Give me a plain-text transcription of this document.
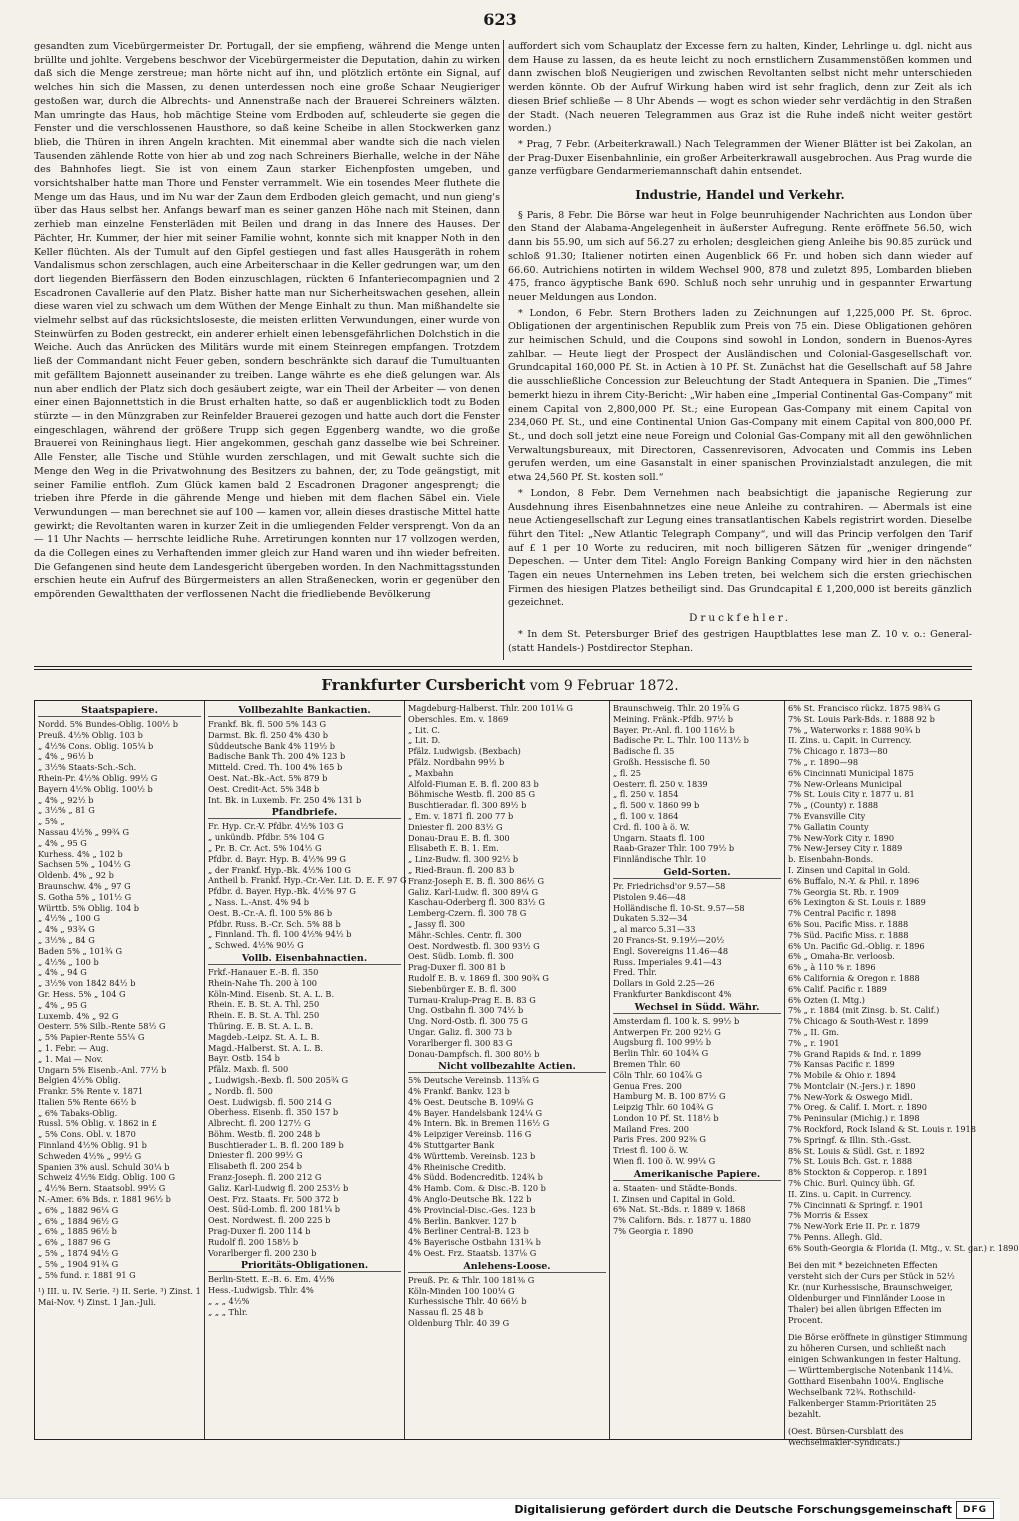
623

gesandten zum Vicebürgermeister Dr. Portugall, der sie empfieng, während die Menge unten brüllte und johlte. Vergebens beschwor der Vicebürgermeister die Deputation, dahin zu wirken daß sich die Menge zerstreue; man hörte nicht auf ihn, und plötzlich ertönte ein Signal, auf welches hin sich die Massen, zu denen unterdessen noch eine große Schaar Neugieriger gestoßen war, durch die Albrechts- und Annenstraße nach der Brauerei Schreiners wälzten. Man umringte das Haus, hob mächtige Steine vom Erdboden auf, schleuderte sie gegen die Fenster und die verschlossenen Hausthore, so daß keine Scheibe in allen Stockwerken ganz blieb, die Thüren in ihren Angeln krachten. Mit einemmal aber wandte sich die nach vielen Tausenden zählende Rotte von hier ab und zog nach Schreiners Bierhalle, welche in der Nähe des Bahnhofes liegt. Sie ist von einem Zaun starker Eichenpfosten umgeben, und vorsichtshalber hatte man Thore und Fenster verrammelt. Wie ein tosendes Meer fluthete die Menge um das Haus, und im Nu war der Zaun dem Erdboden gleich gemacht, und nun gieng's über das Haus selbst her. Anfangs bewarf man es seiner ganzen Höhe nach mit Steinen, dann zerhieb man einzelne Fensterläden mit Beilen und drang in das Innere des Hauses. Der Pächter, Hr. Kummer, der hier mit seiner Familie wohnt, konnte sich mit knapper Noth in den Keller flüchten. Als der Tumult auf den Gipfel gestiegen und fast alles Hausgeräth in rohem Vandalismus schon zerschlagen, auch eine Arbeiterschaar in die Keller gedrungen war, um den dort liegenden Bierfässern den Boden einzuschlagen, rückten 6 Infanteriecompagnien und 2 Escadronen Cavallerie auf den Platz. Bisher hatte man nur Sicherheitswachen gesehen, allein diese waren viel zu schwach um dem Wüthen der Menge Einhalt zu thun. Man mißhandelte sie vielmehr selbst auf das rücksichtsloseste, die meisten erlitten Verwundungen, einer wurde von Steinwürfen zu Boden gestreckt, ein anderer erhielt einen lebensgefährlichen Dolchstich in die Weiche. Auch das Anrücken des Militärs wurde mit einem Steinregen empfangen. Trotzdem ließ der Commandant nicht Feuer geben, sondern beschränkte sich darauf die Tumultuanten mit gefälltem Bajonnett auseinander zu treiben. Lange währte es ehe dieß gelungen war. Als nun aber endlich der Platz sich doch gesäubert zeigte, war ein Theil der Arbeiter — von denen einer einen Bajonnettstich in die Brust erhalten hatte, so daß er augenblicklich todt zu Boden stürzte — in den Münzgraben zur Reinfelder Brauerei gezogen und hatte auch dort die Fenster eingeschlagen, während der größere Trupp sich gegen Eggenberg wandte, wo die große Brauerei von Reininghaus liegt. Hier angekommen, geschah ganz dasselbe wie bei Schreiner. Alle Fenster, alle Tische und Stühle wurden zerschlagen, und mit Gewalt suchte sich die Menge den Weg in die Privatwohnung des Besitzers zu bahnen, der, zu Tode geängstigt, mit seiner Familie entfloh. Zum Glück kamen bald 2 Escadronen Dragoner angesprengt; die trieben ihre Pferde in die gährende Menge und hieben mit dem flachen Säbel ein. Viele Verwundungen — man berechnet sie auf 100 — kamen vor, allein dieses drastische Mittel hatte gewirkt; die Revoltanten waren in kurzer Zeit in die umliegenden Felder versprengt. Von da an — 11 Uhr Nachts — herrschte leidliche Ruhe. Arretirungen konnten nur 17 vollzogen werden, da die Collegen eines zu Verhaftenden immer gleich zur Hand waren und ihn wieder befreiten. Die Gefangenen sind heute dem Landesgericht übergeben worden. In den Nachmittagsstunden erschien heute ein Aufruf des Bürgermeisters an allen Straßenecken, worin er gegenüber den empörenden Gewaltthaten der verflossenen Nacht die friedliebende Bevölkerung

auffordert sich vom Schauplatz der Excesse fern zu halten, Kinder, Lehrlinge u. dgl. nicht aus dem Hause zu lassen, da es heute leicht zu noch ernstlichern Zusammenstößen kommen und dann zwischen bloß Neugierigen und zwischen Revoltanten selbst nicht mehr unterschieden werden könnte. Ob der Aufruf Wirkung haben wird ist sehr fraglich, denn zur Zeit als ich diesen Brief schließe — 8 Uhr Abends — wogt es schon wieder sehr verdächtig in den Straßen der Stadt. (Nach neueren Telegrammen aus Graz ist die Ruhe indeß nicht weiter gestört worden.)

* Prag, 7 Febr. (Arbeiterkrawall.) Nach Telegrammen der Wiener Blätter ist bei Zakolan, an der Prag-Duxer Eisenbahnlinie, ein großer Arbeiterkrawall ausgebrochen. Aus Prag wurde die ganze verfügbare Gendarmeriemannschaft dahin entsendet.

Industrie, Handel und Verkehr.

§ Paris, 8 Febr. Die Börse war heut in Folge beunruhigender Nachrichten aus London über den Stand der Alabama-Angelegenheit in äußerster Aufregung. Rente eröffnete 56.50, wich dann bis 55.90, um sich auf 56.27 zu erholen; desgleichen gieng Anleihe bis 90.85 zurück und schloß 91.30; Italiener notirten einen Augenblick 66 Fr. und hoben sich dann wieder auf 66.60. Autrichiens notirten in wildem Wechsel 900, 878 und zuletzt 895, Lombarden blieben 475, franco ägyptische Bank 690. Schluß noch sehr unruhig und in gespannter Erwartung neuer Meldungen aus London.

* London, 6 Febr. Stern Brothers laden zu Zeichnungen auf 1,225,000 Pf. St. 6proc. Obligationen der argentinischen Republik zum Preis von 75 ein. Diese Obligationen gehören zur heimischen Schuld, und die Coupons sind sowohl in London, sondern in Buenos-Ayres zahlbar. — Heute liegt der Prospect der Ausländischen und Colonial-Gasgesellschaft vor. Grundcapital 160,000 Pf. St. in Actien à 10 Pf. St. Zunächst hat die Gesellschaft auf 58 Jahre die ausschließliche Concession zur Beleuchtung der Stadt Antequera in Spanien. Die „Times“ bemerkt hiezu in ihrem City-Bericht: „Wir haben eine „Imperial Continental Gas-Company“ mit einem Capital von 2,800,000 Pf. St.; eine European Gas-Company mit einem Capital von 234,060 Pf. St., und eine Continental Union Gas-Company mit einem Capital von 800,000 Pf. St., und doch soll jetzt eine neue Foreign und Colonial Gas-Company mit all den gewöhnlichen Verwaltungsbureaux, mit Directoren, Cassenrevisoren, Advocaten und Commis ins Leben gerufen werden, um eine Gasanstalt in einer spanischen Provinzialstadt anzulegen, die mit etwa 24,560 Pf. St. kosten soll.“

* London, 8 Febr. Dem Vernehmen nach beabsichtigt die japanische Regierung zur Ausdehnung ihres Eisenbahnnetzes eine neue Anleihe zu contrahiren. — Abermals ist eine neue Actiengesellschaft zur Legung eines transatlantischen Kabels registrirt worden. Dieselbe führt den Titel: „New Atlantic Telegraph Company“, und will das Princip verfolgen den Tarif auf £ 1 per 10 Worte zu reduciren, mit noch billigeren Sätzen für „weniger dringende“ Depeschen. — Unter dem Titel: Anglo Foreign Banking Company wird hier in den nächsten Tagen ein neues Unternehmen ins Leben treten, bei welchem sich die ersten griechischen Firmen des hiesigen Platzes betheiligt sind. Das Grundcapital £ 1,200,000 ist bereits gänzlich gezeichnet.

Druckfehler.

* In dem St. Petersburger Brief des gestrigen Hauptblattes lese man Z. 10 v. o.: General-(statt Handels-) Postdirector Stephan.

Frankfurter Cursbericht vom 9 Februar 1872.
Staatspapiere.
Nordd. 5% Bundes-Oblig. 100½ b
Preuß. 4½% Oblig. 103 b
„ 4½% Cons. Oblig. 105¼ b
„ 4% „ 96½ b
„ 3½% Staats-Sch.-Sch.
Rhein-Pr. 4½% Oblig. 99½ G
Bayern 4½% Oblig. 100½ b
„ 4% „ 92½ b
„ 3½% „ 81 G
„ 5% „
Nassau 4½% „ 99¾ G
„ 4% „ 95 G
Kurhess. 4% „ 102 b
Sachsen 5% „ 104½ G
Oldenb. 4% „ 92 b
Braunschw. 4% „ 97 G
S. Gotha 5% „ 101½ G
Württb. 5% Oblig. 104 b
„ 4½% „ 100 G
„ 4% „ 93¾ G
„ 3½% „ 84 G
Baden 5% „ 101¾ G
„ 4½% „ 100 b
„ 4% „ 94 G
„ 3½% von 1842 84½ b
Gr. Hess. 5% „ 104 G
„ 4% „ 95 G
Luxemb. 4% „ 92 G
Oesterr. 5% Silb.-Rente 58½ G
„ 5% Papier-Rente 55¼ G
„ 1. Febr. — Aug.
„ 1. Mai — Nov.
Ungarn 5% Eisenb.-Anl. 77½ b
Belgien 4½% Oblig.
Frankr. 5% Rente v. 1871
Italien 5% Rente 66½ b
„ 6% Tabaks-Oblig.
Russl. 5% Oblig. v. 1862 in £
„ 5% Cons. Obl. v. 1870
Finnland 4½% Oblig. 91 b
Schweden 4½% „ 99½ G
Spanien 3% ausl. Schuld 30¼ b
Schweiz 4½% Eidg. Oblig. 100 G
„ 4½% Bern. Staatsobl. 99½ G
N.-Amer. 6% Bds. r. 1881 96½ b
„ 6% „ 1882 96¼ G
„ 6% „ 1884 96½ G
„ 6% „ 1885 96½ b
„ 6% „ 1887 96 G
„ 5% „ 1874 94½ G
„ 5% „ 1904 91¾ G
„ 5% fund. r. 1881 91 G
¹) III. u. IV. Serie. ²) II. Serie. ³) Zinst. 1 Mai-Nov. ⁴) Zinst. 1 Jan.-Juli.
Vollbezahlte Bankactien.
Frankf. Bk. fl. 500 5% 143 G
Darmst. Bk. fl. 250 4% 430 b
Süddeutsche Bank 4% 119½ b
Badische Bank Th. 200 4% 123 b
Mitteld. Cred. Th. 100 4% 165 b
Oest. Nat.-Bk.-Act. 5% 879 b
Oest. Credit-Act. 5% 348 b
Int. Bk. in Luxemb. Fr. 250 4% 131 b
Pfandbriefe.
Fr. Hyp. Cr.-V. Pfdbr. 4½% 103 G
„ unkündb. Pfdbr. 5% 104 G
„ Pr. B. Cr. Act. 5% 104½ G
Pfdbr. d. Bayr. Hyp. B. 4½% 99 G
„ der Frankf. Hyp.-Bk. 4½% 100 G
Antheil b. Frankf. Hyp.-Cr.-Ver. Lit. D. E. F. 97 G
Pfdbr. d. Bayer. Hyp.-Bk. 4½% 97 G
„ Nass. L.-Anst. 4% 94 b
Oest. B.-Cr.-A. fl. 100 5% 86 b
Pfdbr. Russ. B.-Cr. Sch. 5% 88 b
„ Finnland. Th. fl. 100 4½% 94½ b
„ Schwed. 4½% 90½ G
Vollb. Eisenbahnactien.
Frkf.-Hanauer E.-B. fl. 350
Rhein-Nahe Th. 200 à 100
Köln-Mind. Eisenb. St. A. L. B.
Rhein. E. B. St. A. Thl. 250
Rhein. E. B. St. A. Thl. 250
Thüring. E. B. St. A. L. B.
Magdeb.-Leipz. St. A. L. B.
Magd.-Halberst. St. A. L. B.
Bayr. Ostb. 154 b
Pfälz. Maxb. fl. 500
„ Ludwigsh.-Bexb. fl. 500 205¾ G
„ Nordb. fl. 500
Oest. Ludwigsb. fl. 500 214 G
Oberhess. Eisenb. fl. 350 157 b
Albrecht. fl. 200 127½ G
Böhm. Westb. fl. 200 248 b
Buschtierader L. B. fl. 200 189 b
Dniester fl. 200 99½ G
Elisabeth fl. 200 254 b
Franz-Joseph. fl. 200 212 G
Galiz. Karl-Ludwig fl. 200 253½ b
Oest. Frz. Staats. Fr. 500 372 b
Oest. Süd-Lomb. fl. 200 181¼ b
Oest. Nordwest. fl. 200 225 b
Prag-Duxer fl. 200 114 b
Rudolf fl. 200 158½ b
Vorarlberger fl. 200 230 b
Prioritäts-Obligationen.
Berlin-Stett. E.-B. 6. Em. 4½%
Hess.-Ludwigsb. Thlr. 4%
„ „ „ 4½%
„ „ „ Thlr.
Magdeburg-Halberst. Thlr. 200 101⅛ G
Oberschles. Em. v. 1869
„ Lit. C.
„ Lit. D.
Pfälz. Ludwigsb. (Bexbach)
Pfälz. Nordbahn 99½ b
„ Maxbahn
Alfold-Fiuman E. B. fl. 200 83 b
Böhmische Westb. fl. 200 85 G
Buschtieradar. fl. 300 89½ b
„ Em. v. 1871 fl. 200 77 b
Dniester fl. 200 83½ G
Donau-Drau E. B. fl. 300
Elisabeth E. B. 1. Em.
„ Linz-Budw. fl. 300 92½ b
„ Ried-Braun. fl. 200 83 b
Franz-Joseph E. B. fl. 300 86½ G
Galiz. Karl-Ludw. fl. 300 89¼ G
Kaschau-Oderberg fl. 300 83½ G
Lemberg-Czern. fl. 300 78 G
„ Jassy fl. 300
Mähr.-Schles. Centr. fl. 300
Oest. Nordwestb. fl. 300 93½ G
Oest. Südb. Lomb. fl. 300
Prag-Duxer fl. 300 81 b
Rudolf E. B. v. 1869 fl. 300 90¾ G
Siebenbürger E. B. fl. 300
Turnau-Kralup-Prag E. B. 83 G
Ung. Ostbahn fl. 300 74½ b
Ung. Nord-Ostb. fl. 300 75 G
Ungar. Galiz. fl. 300 73 b
Vorarlberger fl. 300 83 G
Donau-Dampfsch. fl. 300 80½ b
Nicht vollbezahlte Actien.
5% Deutsche Vereinsb. 113⅝ G
4% Frankf. Bankv. 123 b
4% Oest. Deutsche B. 109⅛ G
4% Bayer. Handelsbank 124¼ G
4% Intern. Bk. in Bremen 116½ G
4% Leipziger Vereinsb. 116 G
4% Stuttgarter Bank
4% Württemb. Vereinsb. 123 b
4% Rheinische Creditb.
4% Südd. Bodencreditb. 124¾ b
4% Hamb. Com. & Disc.-B. 120 b
4% Anglo-Deutsche Bk. 122 b
4% Provincial-Disc.-Ges. 123 b
4% Berlin. Bankver. 127 b
4% Berliner Central-B. 123 b
4% Bayerische Ostbahn 131¾ b
4% Oest. Frz. Staatsb. 137⅛ G
Anlehens-Loose.
Preuß. Pr. & Thlr. 100 181⅜ G
Köln-Minden 100 100¼ G
Kurhessische Thlr. 40 66½ b
Nassau fl. 25 48 b
Oldenburg Thlr. 40 39 G
Braunschweig. Thlr. 20 19⅞ G
Meining. Fränk.-Pfdb. 97½ b
Bayer. Pr.-Anl. fl. 100 116½ b
Badische Pr. L. Thlr. 100 113½ b
Badische fl. 35
Großh. Hessische fl. 50
„ fl. 25
Oesterr. fl. 250 v. 1839
„ fl. 250 v. 1854
„ fl. 500 v. 1860 99 b
„ fl. 100 v. 1864
Crd. fl. 100 à ö. W.
Ungarn. Staats fl. 100
Raab-Grazer Thlr. 100 79½ b
Finnländische Thlr. 10
Geld-Sorten.
Pr. Friedrichsd'or 9.57—58
Pistolen 9.46—48
Holländische fl. 10-St. 9.57—58
Dukaten 5.32—34
„ al marco 5.31—33
20 Francs-St. 9.19½—20½
Engl. Sovereigns 11.46—48
Russ. Imperiales 9.41—43
Fred. Thlr.
Dollars in Gold 2.25—26
Frankfurter Bankdiscont 4%
Wechsel in Südd. Währ.
Amsterdam fl. 100 k. S. 99½ b
Antwerpen Fr. 200 92½ G
Augsburg fl. 100 99½ b
Berlin Thlr. 60 104¾ G
Bremen Thlr. 60
Cöln Thlr. 60 104⅞ G
Genua Fres. 200
Hamburg M. B. 100 87½ G
Leipzig Thlr. 60 104¾ G
London 10 Pf. St. 118½ b
Mailand Fres. 200
Paris Fres. 200 92⅜ G
Triest fl. 100 ö. W.
Wien fl. 100 ö. W. 99¼ G
Amerikanische Papiere.
a. Staaten- und Städte-Bonds.
I. Zinsen und Capital in Gold.
6% Nat. St.-Bds. r. 1889 v. 1868
7% Californ. Bds. r. 1877 u. 1880
7% Georgia r. 1890
6% St. Francisco rückz. 1875 98¾ G
7% St. Louis Park-Bds. r. 1888 92 b
7% „ Waterworks r. 1888 90¾ b
II. Zins. u. Capit. in Currency.
7% Chicago r. 1873—80
7% „ r. 1890—98
6% Cincinnati Municipal 1875
7% New-Orleans Municipal
7% St. Louis City r. 1877 u. 81
7% „ (County) r. 1888
7% Evansville City
7% Gallatin County
7% New-York City r. 1890
7% New-Jersey City r. 1889
b. Eisenbahn-Bonds.
I. Zinsen und Capital in Gold.
6% Buffalo, N.-Y. & Phil. r. 1896
7% Georgia St. Rb. r. 1909
6% Lexington & St. Louis r. 1889
7% Central Pacific r. 1898
6% Sou. Pacific Miss. r. 1888
7% Süd. Pacific Miss. r. 1888
6% Un. Pacific Gd.-Oblig. r. 1896
6% „ Omaha-Br. verloosb.
6% „ à 110 % r. 1896
6% California & Oregon r. 1888
6% Calif. Pacific r. 1889
6% Ozten (I. Mtg.)
7% „ r. 1884 (mit Zinsg. b. St. Calif.)
7% Chicago & South-West r. 1899
7% „ II. Gm.
7% „ r. 1901
7% Grand Rapids & Ind. r. 1899
7% Kansas Pacific r. 1899
7% Mobile & Ohio r. 1894
7% Montclair (N.-Jers.) r. 1890
7% New-York & Oswego Midl.
7% Oreg. & Calif. I. Mort. r. 1890
7% Peninsular (Michig.) r. 1898
7% Rockford, Rock Island & St. Louis r. 1918
7% Springf. & Illin. Sth.-Gsst.
8% St. Louis & Südl. Gst. r. 1892
7% St. Louis Bch. Gst. r. 1888
8% Stockton & Copperop. r. 1891
7% Chic. Burl. Quincy übh. Gf.
II. Zins. u. Capit. in Currency.
7% Cincinnati & Springf. r. 1901
7% Morris & Essex
7% New-York Erie II. Pr. r. 1879
7% Penns. Allegh. Gld.
6% South-Georgia & Florida (I. Mtg., v. St. gar.) r. 1890
Bei den mit * bezeichneten Effecten versteht sich der Curs per Stück in 52½ Kr. (nur Kurhessische, Braunschweiger, Oldenburger und Finnländer Loose in Thaler) bei allen übrigen Effecten im Procent.
Die Börse eröffnete in günstiger Stimmung zu höheren Cursen, und schließt nach einigen Schwankungen in fester Haltung. — Württembergische Notenbank 114⅛. Gotthard Eisenbahn 100¼. Englische Wechselbank 72¾. Rothschild-Falkenberger Stamm-Prioritäten 25 bezahlt.
(Oest. Bürsen-Cursblatt des Wechselmakler-Syndicats.)
Digitalisierung gefördert durch die Deutsche Forschungsgemeinschaft	DFG
